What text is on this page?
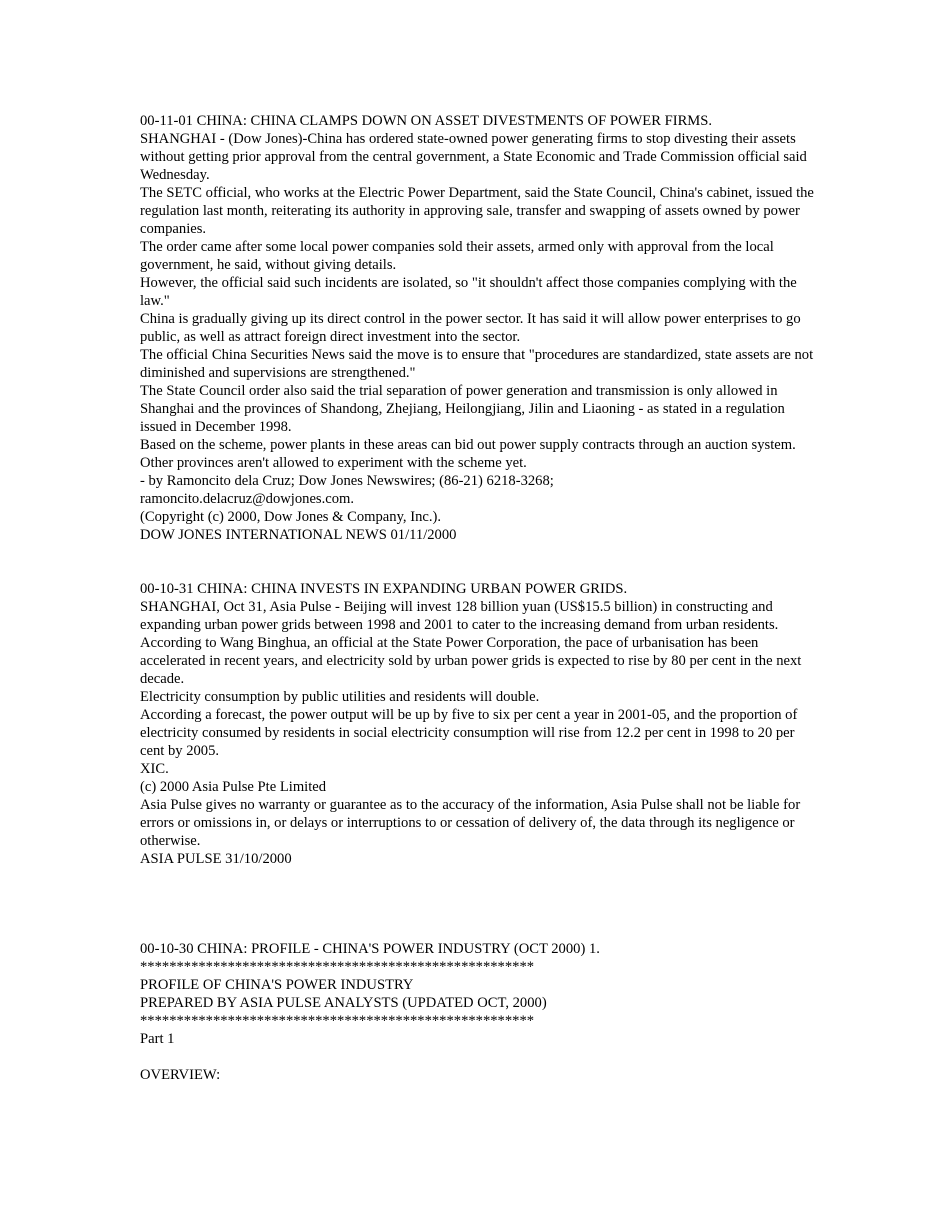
00-11-01 CHINA: CHINA CLAMPS DOWN ON ASSET DIVESTMENTS OF POWER FIRMS.

SHANGHAI - (Dow Jones)-China has ordered state-owned power generating firms to stop divesting their assets without getting prior approval from the central government, a State Economic and Trade Commission official said Wednesday.

The SETC official, who works at the Electric Power Department, said the State Council, China's cabinet, issued the regulation last month, reiterating its authority in approving sale, transfer and swapping of assets owned by power companies.

The order came after some local power companies sold their assets, armed only with approval from the local government, he said, without giving details.

However, the official said such incidents are isolated, so "it shouldn't affect those companies complying with the law."

China is gradually giving up its direct control in the power sector. It has said it will allow power enterprises to go public, as well as attract foreign direct investment into the sector.

The official China Securities News said the move is to ensure that "procedures are standardized, state assets are not diminished and supervisions are strengthened."

The State Council order also said the trial separation of power generation and transmission is only allowed in Shanghai and the provinces of Shandong, Zhejiang, Heilongjiang, Jilin and Liaoning - as stated in a regulation issued in December 1998.

Based on the scheme, power plants in these areas can bid out power supply contracts through an auction system.

Other provinces aren't allowed to experiment with the scheme yet.

- by Ramoncito dela Cruz; Dow Jones Newswires; (86-21) 6218-3268;

ramoncito.delacruz@dowjones.com.

(Copyright (c) 2000, Dow Jones & Company, Inc.).

DOW JONES INTERNATIONAL NEWS 01/11/2000

00-10-31 CHINA: CHINA INVESTS IN EXPANDING URBAN POWER GRIDS.

SHANGHAI, Oct 31, Asia Pulse - Beijing will invest 128 billion yuan (US$15.5 billion) in constructing and expanding urban power grids between 1998 and 2001 to cater to the increasing demand from urban residents.

According to Wang Binghua, an official at the State Power Corporation, the pace of urbanisation has been accelerated in recent years, and electricity sold by urban power grids is expected to rise by 80 per cent in the next decade.

Electricity consumption by public utilities and residents will double.

According a forecast, the power output will be up by five to six per cent a year in 2001-05, and the proportion of electricity consumed by residents in social electricity consumption will rise from 12.2 per cent in 1998 to 20 per cent by 2005.

XIC.

(c) 2000 Asia Pulse Pte Limited

Asia Pulse gives no warranty or guarantee as to the accuracy of the information, Asia Pulse shall not be liable for errors or omissions in, or delays or interruptions to or cessation of delivery of, the data through its negligence or otherwise.

ASIA PULSE 31/10/2000

00-10-30 CHINA: PROFILE - CHINA'S POWER INDUSTRY (OCT 2000) 1.

******************************************************

PROFILE OF CHINA'S POWER INDUSTRY

PREPARED BY ASIA PULSE ANALYSTS (UPDATED OCT, 2000)

******************************************************

Part 1

OVERVIEW:
